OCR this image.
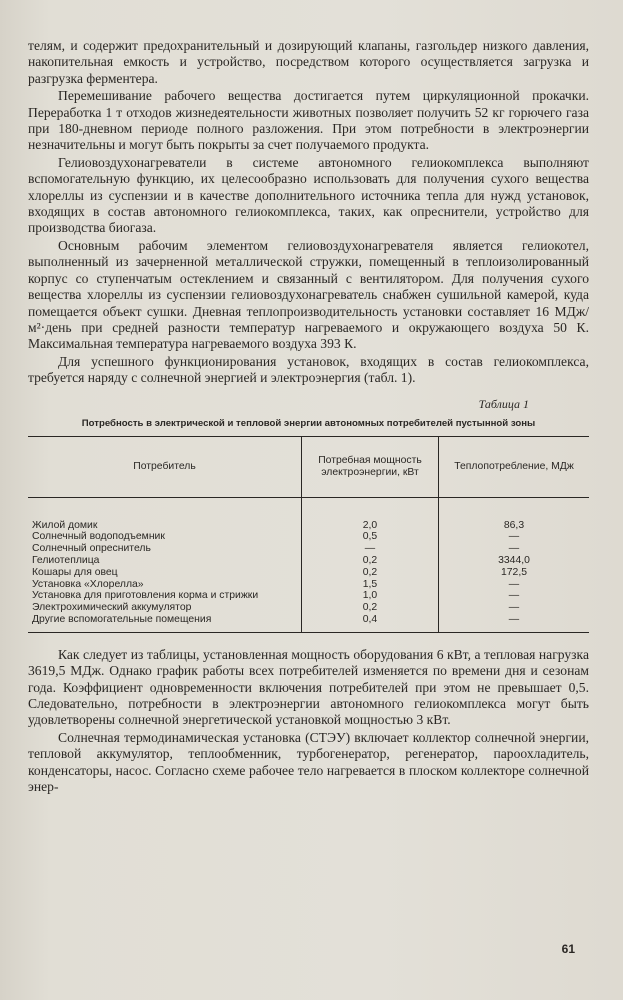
телям, и содержит предохранительный и дозирующий клапаны, газгольдер низкого давления, накопительная емкость и устройство, посредством которого осуществляется загрузка и разгрузка ферментера.

Перемешивание рабочего вещества достигается путем циркуляционной прокачки. Переработка 1 т отходов жизнедеятельности животных позволяет получить 52 кг горючего газа при 180-дневном периоде полного разложения. При этом потребности в электроэнергии незначительны и могут быть покрыты за счет получаемого продукта.

Гелиовоздухонагреватели в системе автономного гелиокомплекса выполняют вспомогательную функцию, их целесообразно использовать для получения сухого вещества хлореллы из суспензии и в качестве дополнительного источника тепла для нужд установок, входящих в состав автономного гелиокомплекса, таких, как опреснители, устройство для производства биогаза.

Основным рабочим элементом гелиовоздухонагревателя является гелиокотел, выполненный из зачерненной металлической стружки, помещенный в теплоизолированный корпус со ступенчатым остеклением и связанный с вентилятором. Для получения сухого вещества хлореллы из суспензии гелиовоздухонагреватель снабжен сушильной камерой, куда помещается объект сушки. Дневная теплопроизводительность установки составляет 16 МДж/м²·день при средней разности температур нагреваемого и окружающего воздуха 50 К. Максимальная температура нагреваемого воздуха 393 К.

Для успешного функционирования установок, входящих в состав гелиокомплекса, требуется наряду с солнечной энергией и электроэнергия (табл. 1).

Таблица 1
Потребность в электрической и тепловой энергии автономных потребителей пустынной зоны
Потребитель	Потребная мощность электроэнергии, кВт	Теплопотребление, МДж
Жилой домик	2,0	86,3
Солнечный водоподъемник	0,5	—
Солнечный опреснитель	—	—
Гелиотеплица	0,2	3344,0
Кошары для овец	0,2	172,5
Установка «Хлорелла»	1,5	—
Установка для приготовления корма и стрижки	1,0	—
Электрохимический аккумулятор	0,2	—
Другие вспомогательные помещения	0,4	—

Как следует из таблицы, установленная мощность оборудования 6 кВт, а тепловая нагрузка 3619,5 МДж. Однако график работы всех потребителей изменяется по времени дня и сезонам года. Коэффициент одновременности включения потребителей при этом не превышает 0,5. Следовательно, потребности в электроэнергии автономного гелиокомплекса могут быть удовлетворены солнечной энергетической установкой мощностью 3 кВт.

Солнечная термодинамическая установка (СТЭУ) включает коллектор солнечной энергии, тепловой аккумулятор, теплообменник, турбогенератор, регенератор, пароохладитель, конденсаторы, насос. Согласно схеме рабочее тело нагревается в плоском коллекторе солнечной энер-

61
